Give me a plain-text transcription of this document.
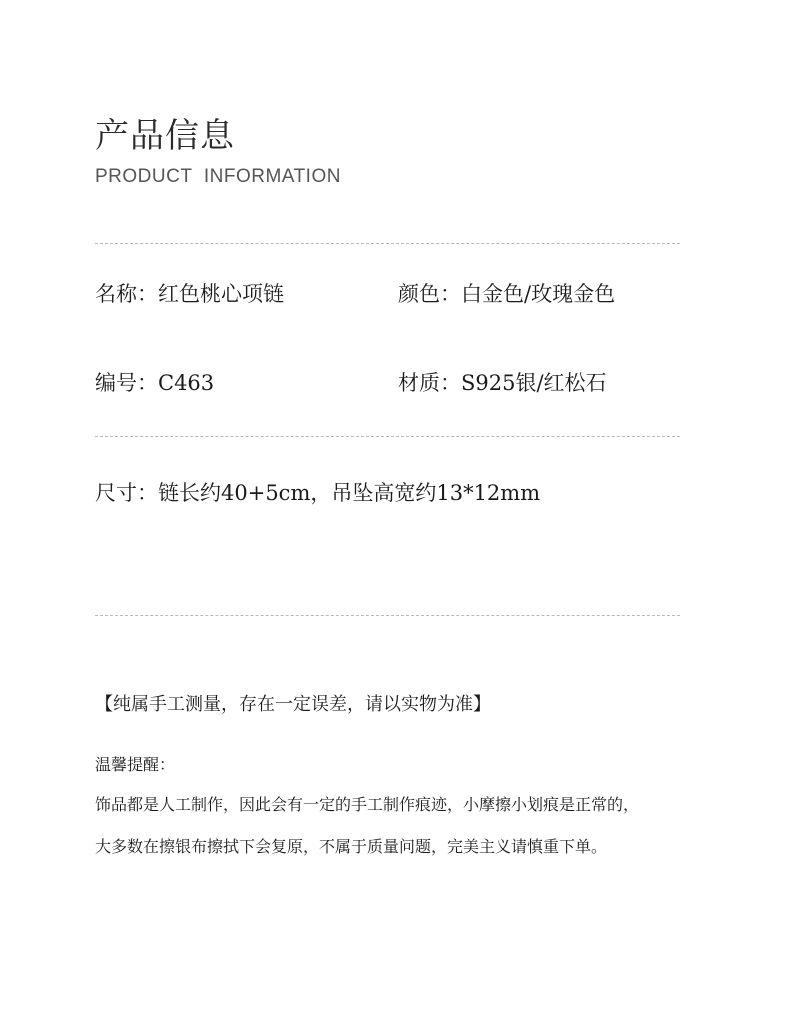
产品信息
PRODUCT INFORMATION
名称：红色桃心项链	颜色：白金色/玫瑰金色
编号：C463	材质：S925银/红松石
尺寸：链长约40+5cm，吊坠高宽约13*12mm
【纯属手工测量，存在一定误差，请以实物为准】
温馨提醒：
饰品都是人工制作，因此会有一定的手工制作痕迹，小摩擦小划痕是正常的，
大多数在擦银布擦拭下会复原，不属于质量问题，完美主义请慎重下单。
